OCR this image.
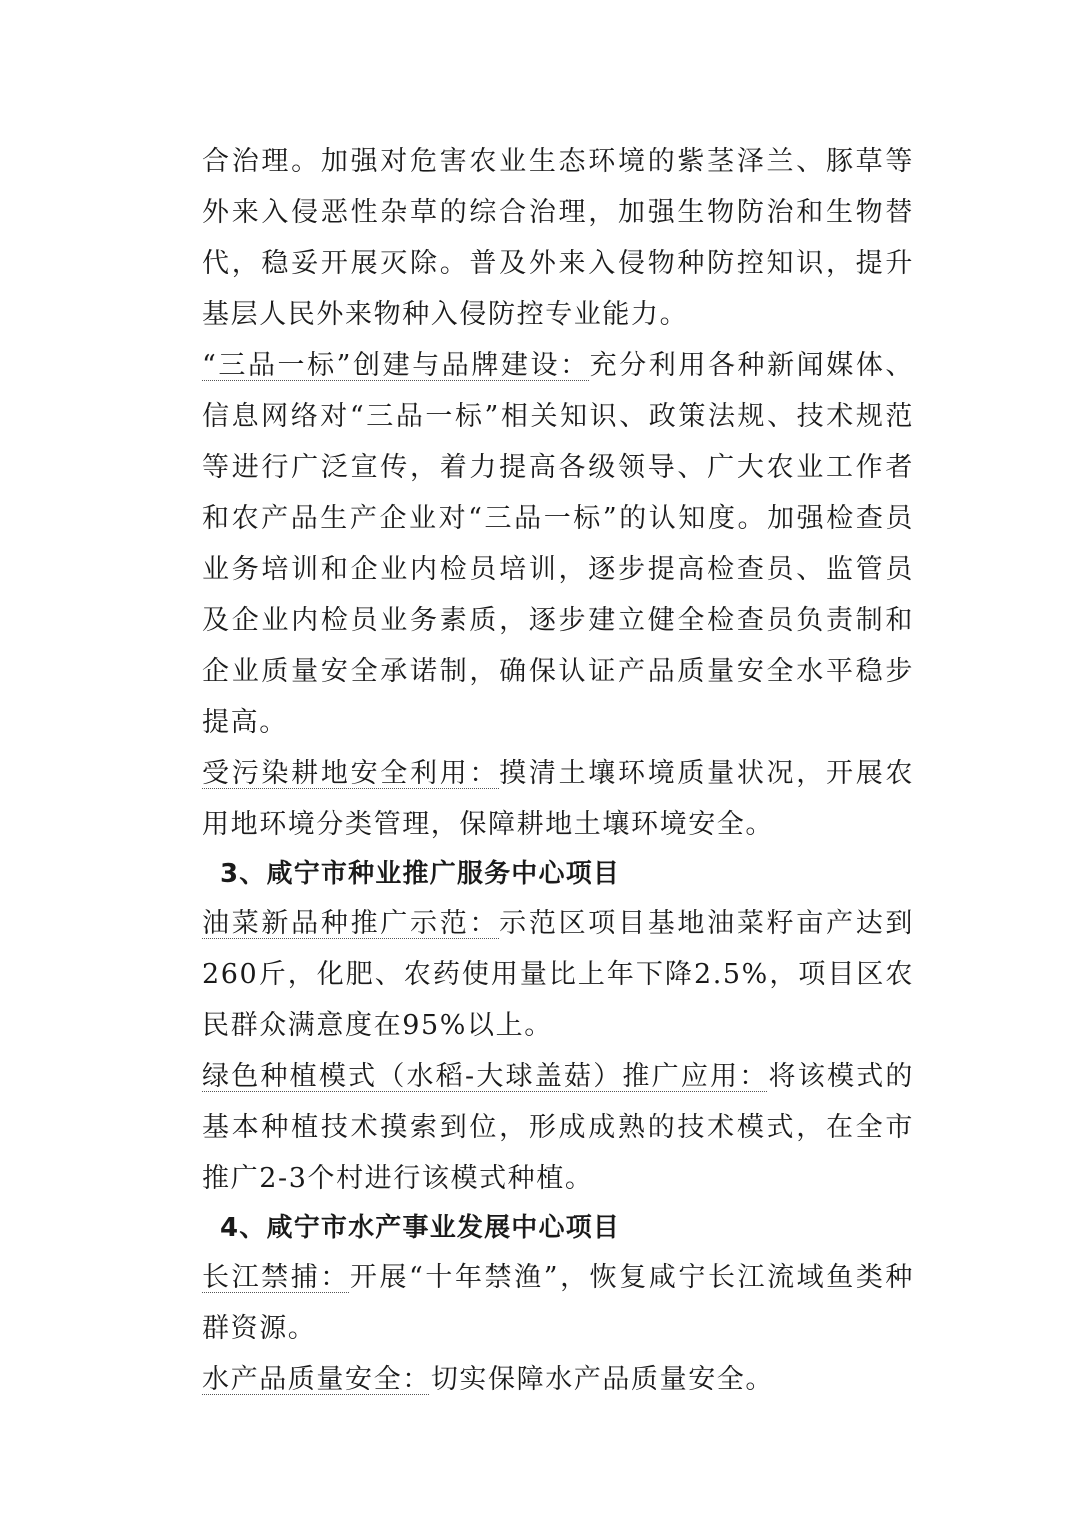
合治理。加强对危害农业生态环境的紫茎泽兰、豚草等外来入侵恶性杂草的综合治理，加强生物防治和生物替代，稳妥开展灭除。普及外来入侵物种防控知识，提升基层人民外来物种入侵防控专业能力。

“三品一标”创建与品牌建设：充分利用各种新闻媒体、信息网络对“三品一标”相关知识、政策法规、技术规范等进行广泛宣传，着力提高各级领导、广大农业工作者和农产品生产企业对“三品一标”的认知度。加强检查员业务培训和企业内检员培训，逐步提高检查员、监管员及企业内检员业务素质，逐步建立健全检查员负责制和企业质量安全承诺制，确保认证产品质量安全水平稳步提高。

受污染耕地安全利用：摸清土壤环境质量状况，开展农用地环境分类管理，保障耕地土壤环境安全。

3、咸宁市种业推广服务中心项目

油菜新品种推广示范：示范区项目基地油菜籽亩产达到260斤，化肥、农药使用量比上年下降2.5%，项目区农民群众满意度在95%以上。

绿色种植模式（水稻-大球盖菇）推广应用：将该模式的基本种植技术摸索到位，形成成熟的技术模式，在全市推广2-3个村进行该模式种植。

4、咸宁市水产事业发展中心项目

长江禁捕：开展“十年禁渔”，恢复咸宁长江流域鱼类种群资源。

水产品质量安全：切实保障水产品质量安全。
